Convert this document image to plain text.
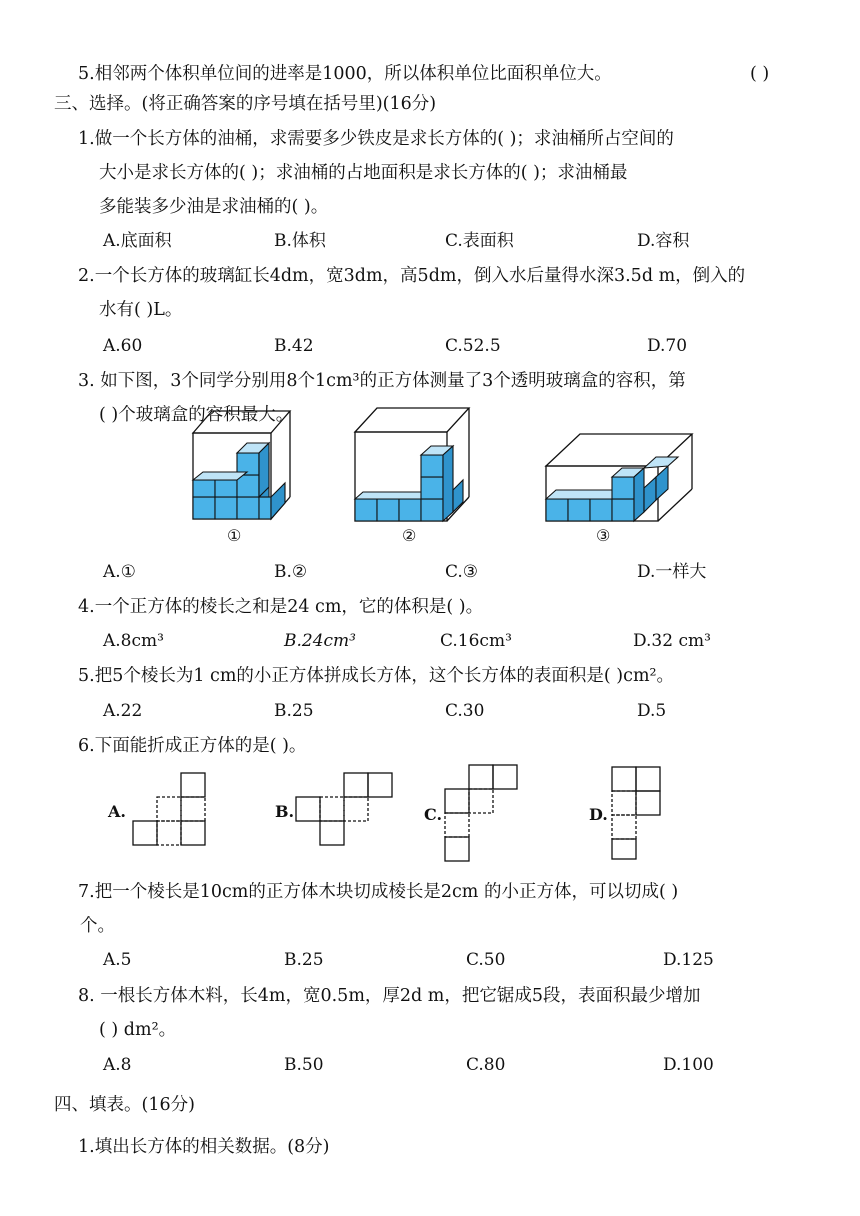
5.相邻两个体积单位间的进率是1000，所以体积单位比面积单位大。	( )
三、选择。(将正确答案的序号填在括号里)(16分)
1.做一个长方体的油桶，求需要多少铁皮是求长方体的( )；求油桶所占空间的
大小是求长方体的( )；求油桶的占地面积是求长方体的( )；求油桶最
多能装多少油是求油桶的( )。
A.底面积	B.体积	C.表面积	D.容积
2.一个长方体的玻璃缸长4dm，宽3dm，高5dm，倒入水后量得水深3.5d m，倒入的
水有( )L。
A.60	B.42	C.52.5	D.70
3. 如下图，3个同学分别用8个1cm³的正方体测量了3个透明玻璃盒的容积，第
( )个玻璃盒的容积最大。
①	②	③
A.①	B.②	C.③	D.一样大
4.一个正方体的棱长之和是24 cm，它的体积是( )。
A.8cm³	B.24cm³	C.16cm³	D.32 cm³
5.把5个棱长为1 cm的小正方体拼成长方体，这个长方体的表面积是( )cm²。
A.22	B.25	C.30	D.5
6.下面能折成正方体的是( )。
A.	B.	C.	D.
7.把一个棱长是10cm的正方体木块切成棱长是2cm 的小正方体，可以切成( )
个。
A.5	B.25	C.50	D.125
8. 一根长方体木料，长4m，宽0.5m，厚2d m，把它锯成5段，表面积最少增加
( ) dm²。
A.8	B.50	C.80	D.100
四、填表。(16分)
1.填出长方体的相关数据。(8分)
